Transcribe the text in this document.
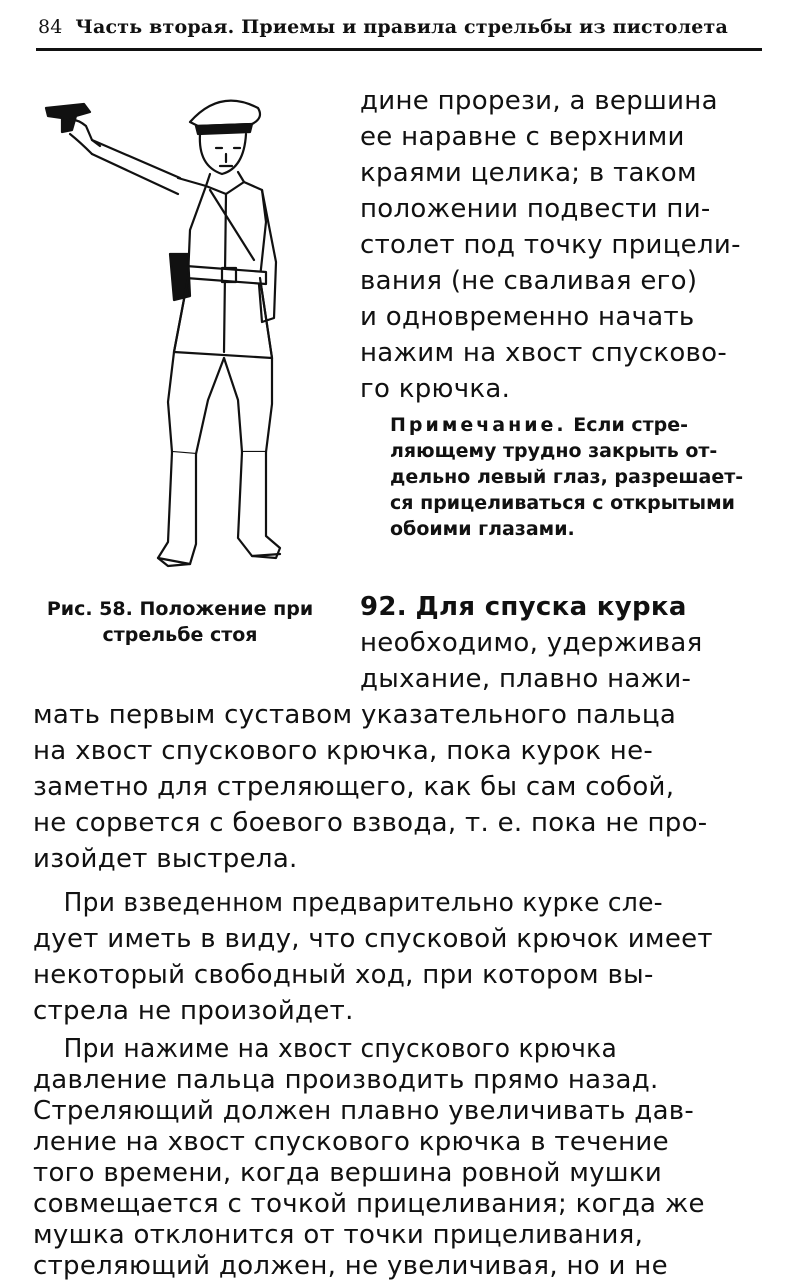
84 Часть вторая. Приемы и правила стрельбы из пистолета
Рис. 58. Положение при стрельбе стоя
дине прорези, а вершина
ее наравне с верхними
краями целика; в таком
положении подвести пи-
столет под точку прицели-
вания (не сваливая его)
и одновременно начать
нажим на хвост спусково-
го крючка.
Примечание. Если стре-
ляющему трудно закрыть от-
дельно левый глаз, разрешает-
ся прицеливаться с открытыми
обоими глазами.
92. Для спуска курка
необходимо, удерживая
дыхание, плавно нажи-
мать первым суставом указательного пальца
на хвост спускового крючка, пока курок не-
заметно для стреляющего, как бы сам собой,
не сорвется с боевого взвода, т. е. пока не про-
изойдет выстрела.
При взведенном предварительно курке сле-
дует иметь в виду, что спусковой крючок имеет
некоторый свободный ход, при котором вы-
стрела не произойдет.
При нажиме на хвост спускового крючка
давление пальца производить прямо назад.
Стреляющий должен плавно увеличивать дав-
ление на хвост спускового крючка в течение
того времени, когда вершина ровной мушки
совмещается с точкой прицеливания; когда же
мушка отклонится от точки прицеливания,
стреляющий должен, не увеличивая, но и не
